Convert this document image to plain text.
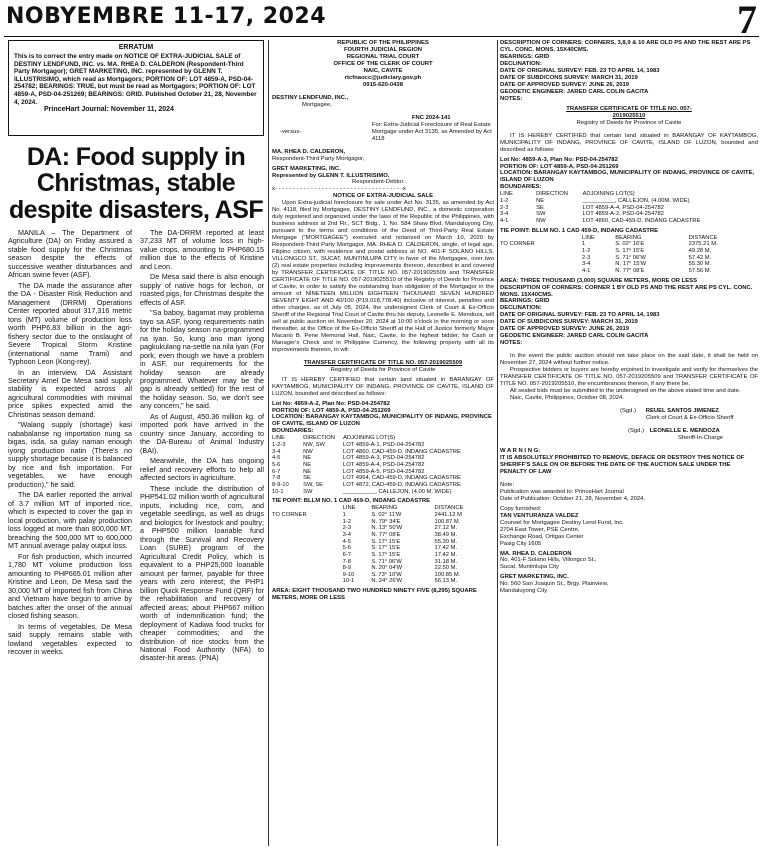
NOBYEMBRE 11-17, 2024	7
ERRATUM
This is to correct the entry made on NOTICE OF EXTRA-JUDICIAL SALE of DESTINY LENDFUND, INC. vs. MA. RHEA D. CALDERON (Respondent-Third Party Mortgagor); GRET MARKETING, INC. represented by GLENN T. ILLUSTRISIMO, which read as Mortgagors; PORTION OF: LOT 4859-A, PSD-04-254782; BEARINGS: TRUE, but must be read as Mortgagors; PORTION OF: LOT 4859-A, PSD-04-251269; BEARINGS: GRID. Published October 21, 28, November 4, 2024.
PrinceHart Journal: November 11, 2024
DA: Food supply in Christmas, stable despite disasters, ASF

MANILA – The Department of Agriculture (DA) on Friday assured a stable food supply for the Christmas season despite the effects of successive weather disturbances and African swine fever (ASF).

The DA made the assurance after the DA - Disaster Risk Reduction and Management (DRRM) Operations Center reported about 317,316 metric tons (MT) volume of production loss worth PHP6.83 billion in the agri-fishery sector due to the onslaught of Severe Tropical Storm Kristine (international name Trami) and Typhoon Leon (Kong-rey).

In an interview, DA Assistant Secretary Arnel De Mesa said supply stability is expected across all agricultural commodities with minimal price spikes expected amid the Christmas season demand.

"Walang supply (shortage) kasi nababalanse ng importation nung sa bigas, isda, sa gulay naman enough iyong production natin (There's no supply shortage because it is balanced by rice and fish importation. For vegetables, we have enough production)," he said.

The DA earlier reported the arrival of 3.7 million MT of imported rice, which is expected to cover the gap in local production, with palay production loss logged at more than 800,000 MT, breaching the 500,000 MT to 600,000 MT annual average palay output loss.

For fish production, which incurred 1,780 MT volume production loss amounting to PHP665.01 million after Kristine and Leon, De Mesa said the 30,000 MT of imported fish from China and Vietnam have begun to arrive by batches after the onset of the annual closed fishing season.

In terms of vegetables, De Mesa said supply remains stable with lowland vegetables expected to recover in weeks.

The DA-DRRM reported at least 37,233 MT of volume loss in high-value crops, amounting to PHP680.15 million due to the effects of Kristine and Leon.

De Mesa said there is also enough supply of native hogs for lechon, or roasted pigs, for Christmas despite the effects of ASF.

"Sa baboy, bagamat may problema tayo sa ASF, iyong requirements natin for the holiday season na-programmed na iyan. So, kung ano man iyong pagkukulang na-settle na nila iyan (For pork, even though we have a problem in ASF, our requirements for the holiday season are already programmed. Whatever may be the gap is already settled) for the rest of the holiday season. So, we don't see any concern," he said.

As of August, 450.36 million kg. of imported pork have arrived in the country since January, according to the DA-Bureau of Animal Industry (BAI).

Meanwhile, the DA has ongoing relief and recovery efforts to help all affected sectors in agriculture.

These include the distribution of PHP541.02 million worth of agricultural inputs, including rice, corn, and vegetable seedlings, as well as drugs and biologics for livestock and poultry; a PHP500 million loanable fund through the Survival and Recovery Loan (SURE) program of the Agricultural Credit Policy, which is equivalent to a PHP25,000 loanable amount per farmer, payable for three years with zero interest; the PHP1 billion Quick Response Fund (QRF) for the rehabilitation and recovery of affected areas; about PHP667 million worth of indemnification fund; the deployment of Kadiwa food trucks for cheaper commodities; and the distribution of rice stocks from the National Food Authority (NFA) to disaster-hit areas. (PNA)

REPUBLIC OF THE PHILIPPINES
FOURTH JUDICIAL REGION
REGIONAL TRIAL COURT
OFFICE OF THE CLERK OF COURT
NAIC, CAVITE
rtcfnaocc@judiciary.gov.ph
0915-620-0438
DESTINY LENDFUND, INC.,
Mortgagee,
-versus-
FNC 2024-141
For: Extra-Judicial Foreclosure of Real Estate Mortgage under Act 3135, as Amended by Act 4118
MA. RHEA D. CALDERON,
Respondent-Third Party Mortgagor,
GRET MARKETING, INC.
Represented by GLENN T. ILLUSTRISIMO,
Respondent-Debtor.
x- - - - - - - - - - - - - - - - - - - - - - - - - - - - - - - - - - - -x
NOTICE OF EXTRA-JUDICIAL SALE
Upon Extra-judicial foreclosure for sale under Act No. 3135, as amended by Act No. 4118, filed by Mortgagee, DESTINY LENDFUND, INC., a domestic corporation duly registered and organized under the laws of the Republic of the Philippines, with business address at 2nd Flr., SCT Bldg., 1, No. 584 Shaw Blvd. Mandaluyong City, pursuant to the terms and conditions of the Deed of Third-Party Real Estate Mortgage ("MORTGAGEE") executed and notarized on March 10, 2020 by Respondent-Third Party Mortgagor, MA. RHEA D. CALDERON, single, of legal age, Filipino citizen, with residence and postal address at NO. 401-F SOLANO HILLS, VILLONGCO ST., SUCAT, MUNTINLUPA CITY in favor of the Mortgagee, over two (2) real estate properties including improvements thereon, described in and covered by TRANSFER CERTIFICATE OF TITLE NO. 057-2019025509 and TRANSFER CERTIFICATE OF TITLE NO. 057-2019025510 of the Registry of Deeds for Province of Cavite, in order to satisfy the outstanding loan obligation of the Mortgagor in the amount of NINETEEN MILLION EIGHTEEN THOUSAND SEVEN HUNDRED SEVENTY EIGHT AND 40/100 (P19,018,778.40) inclusive of interest, penalties and other charges, as of July 05, 2024, the undersigned Clerk of Court & Ex-Officio Sheriff of the Regional Trial Court of Cavite thru his deputy, Leonelle E. Mendoza, will sell at public auction on November 20, 2024 at 10:00 o'clock in the morning or soon thereafter, at the Office of the Ex-Officio Sheriff at the Hall of Justice formerly Mayor Macario B. Pene Memorial Hall, Naic, Cavite, to the highest bidder, for Cash or Manager's Check and in Philippine Currency, the following property with all its improvements thereon, to wit:
TRANSFER CERTIFICATE OF TITLE NO. 057-2019025509
Registry of Deeds for Province of Cavite
IT IS HEREBY CERTIFIED that certain land situated in BARANGAY OF KAYTAMBOG, MUNICIPALITY OF INDANG, PROVINCE OF CAVITE, ISLAND OF LUZON, bounded and described as follows:
Lot No: 4859-A-2, Plan No: PSD-04-254782
PORTION OF: LOT 4859-A, PSD-04-251269
LOCATION: BARANGAY KAYTAMBOG, MUNICIPALITY OF INDANG, PROVINCE OF CAVITE, ISLAND OF LUZON
BOUNDARIES:
LINE	DIRECTION	ADJOINING LOT(S)
1-2-3	NW, SW	LOT 4859-A-1, PSD-04-254782
3-4	NW	LOT 4860, CAD-459-D, INDANG CADASTRE
4-5	NE	LOT 4859-A-3, PSD-04-254782
5-6	NE	LOT 4859-A-4, PSD-04-254782
6-7	NE	LOT 4859-A-5, PSD-04-254782
7-8	SE	LOT 4964, CAD-459-D, INDANG CADASTRE
8-9-10	SW, SE	LOT 4872, CAD-459-D, INDANG CADASTRE
10-1	SW	__________, CALLEJON, (4.00 M. WIDE)
TIE POINT: BLLM NO. 1 CAD 459-D, INDANG CADASTRE
	LINE	BEARING	DISTANCE
TO CORNER	1	S. 02° 11'W	2441.12 M
	1-2	N. 79° 34'E	100.87 M.
	2-3	N. 13° 50'W	27.12 M.
	3-4	N. 77° 08'E	38.49 M.
	4-5	S. 17° 15'E	55.30 M.
	5-6	S. 17° 15'E	17.42 M.
	6-7	S. 17° 15'E	17.42 M.
	7-8	S. 71° 06'W	31.18 M.
	8-9	N. 20° 04'W	22.50 M.
	9-10	S. 73° 10'W	100.85 M.
	10-1	N. 24° 26'W	56.13 M.
AREA: EIGHT THOUSAND TWO HUNDRED NINETY FIVE (8,295) SQUARE METERS, MORE OR LESS
DESCRIPTION OF CORNERS: CORNERS, 3,8,9 & 10 ARE OLD PS AND THE REST ARE PS CYL. CONC. MONS. 15X40CMS.
BEARINGS: GRID
DECLINATION:
DATE OF ORIGINAL SURVEY: FEB. 23 TO APRIL 14, 1983
DATE OF SUBD/CONS SURVEY: MARCH 31, 2019
DATE OF APPROVED SURVEY: JUNE 26, 2019
GEODETIC ENGINEER: JARED CARL COLIN GACITA
NOTES:
TRANSFER CERTIFICATE OF TITLE NO. 057-2019025510
Registry of Deeds for Province of Cavite
IT IS HEREBY CERTIFIED that certain land situated in BARANGAY OF KAYTAMBOG, MUNICIPALITY OF INDANG, PROVINCE OF CAVITE, ISLAND OF LUZON, bounded and described as follows:
Lot No: 4859-A-3, Plan No: PSD-04-254782
PORTION OF: LOT 4859-A, PSD-04-251269
LOCATION: BARANGAY KAYTAMBOG, MUNICIPALITY OF INDANG, PROVINCE OF CAVITE, ISLAND OF LUZON
BOUNDARIES:
LINE	DIRECTION	ADJOINING LOT(S)
1-2	NE	__________, CALLEJON, (4.00M. WIDE)
2-3	SE	LOT 4859-A-4, PSD-04-254782
3-4	SW	LOT 4859-A-2, PSD-04-254782
4-1	NW	LOT 4860, CAD-459-D, INDANG CADASTRE
TIE POINT: BLLM NO. 1 CAD 459-D, INDANG CADASTRE
	LINE	BEARING	DISTANCE
TO CORNER	1	S. 02° 16'E	2375.21 M.
	1-2	S. 17° 15'E	49.28 M.
	2-3	S. 71° 06'W	57.42 M.
	3-4	N. 17° 15'W	55.30 M.
	4-1	N. 77° 08'E	57.56 M.
AREA: THREE THOUSAND (3,000) SQUARE METERS, MORE OR LESS
DESCRIPTION OF CORNERS: CORNER 1 BY OLD PS AND THE REST ARE PS CYL. CONC. MONS. 15X40CMS.
BEARINGS: GRID
DECLINATION:
DATE OF ORIGINAL SURVEY: FEB. 23 TO APRIL 14, 1983
DATE OF SUBD/CONS SURVEY: MARCH 31, 2019
DATE OF APPROVED SURVEY: JUNE 26, 2019
GEODETIC ENGINEER: JARED CARL COLIN GACITA
NOTES:
In the event the public auction should not take place on the said date, it shall be held on November 27, 2024 without further notice.
Prospective bidders or buyers are hereby enjoined to investigate and verify for themselves the TRANSFER CERTIFICATE OF TITLE NO. 057-2019205509 and TRANSFER CERTIFICATE OF TITLE NO. 057-2019205510, the encumbrances thereon, if any there be.
All sealed bids must be submitted to the undersigned on the above stated time and date.
Naic, Cavite, Philippines, October 08, 2024.
(Sgd.) REUEL SANTOS JIMENEZ
Clerk of Court & Ex-Officio Sheriff
(Sgd.) LEONELLE E. MENDOZA
Sheriff-In-Charge
W A R N I N G:
IT IS ABSOLUTELY PROHIBITED TO REMOVE, DEFACE OR DESTROY THIS NOTICE OF SHERIFF'S SALE ON OR BEFORE THE DATE OF THE AUCTION SALE UNDER THE PENALTY OF LAW
Note:
Publication was awarded to: PrinceHart Journal
Date of Publication: October 21, 28, November 4, 2024.
Copy furnished:
TAN VENTURANZA VALDEZ
Counsel for Mortgagee Destiny Lend Fund, Inc.
2704 East Tower, PSE Centre,
Exchange Road, Ortigas Center
Pasig City 1605
MA. RHEA D. CALDERON
No. 401-F Solano Hills, Villongco St.,
Sucat, Muntinlupa City
GRET MARKETING, INC.
No. 560 San Joaquin St., Brgy. Plainview,
Mandaluyong City
